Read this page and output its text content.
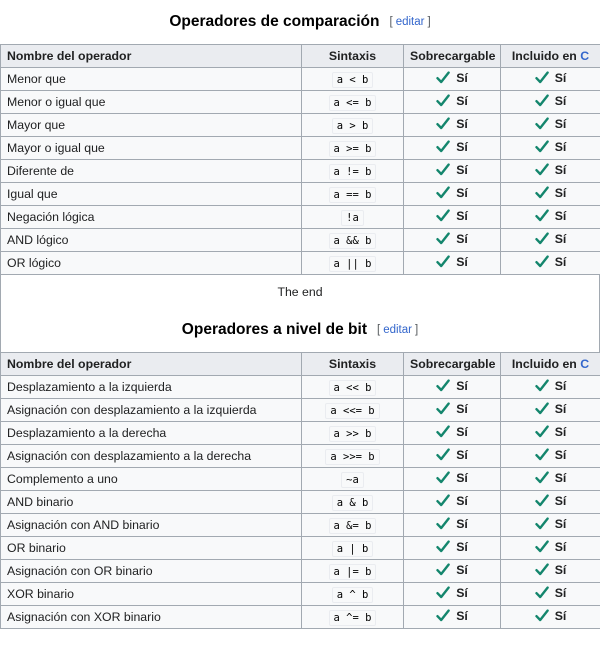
Operadores de comparación [ editar ]
Nombre del operador	Sintaxis	Sobrecargable	Incluido en C
Menor que	a < b	Sí	Sí

Menor o igual que	a <= b	Sí	Sí

Mayor que	a > b	Sí	Sí

Mayor o igual que	a >= b	Sí	Sí

Diferente de	a != b	Sí	Sí

Igual que	a == b	Sí	Sí

Negación lógica	!a	Sí	Sí

AND lógico	a && b	Sí	Sí

OR lógico	a || b	Sí	Sí
The end
Operadores a nivel de bit [ editar ]
Nombre del operador	Sintaxis	Sobrecargable	Incluido en C
Desplazamiento a la izquierda	a << b	Sí	Sí

Asignación con desplazamiento a la izquierda	a <<= b	Sí	Sí

Desplazamiento a la derecha	a >> b	Sí	Sí

Asignación con desplazamiento a la derecha	a >>= b	Sí	Sí

Complemento a uno	~a	Sí	Sí

AND binario	a & b	Sí	Sí

Asignación con AND binario	a &= b	Sí	Sí

OR binario	a | b	Sí	Sí

Asignación con OR binario	a |= b	Sí	Sí

XOR binario	a ^ b	Sí	Sí

Asignación con XOR binario	a ^= b	Sí	Sí
